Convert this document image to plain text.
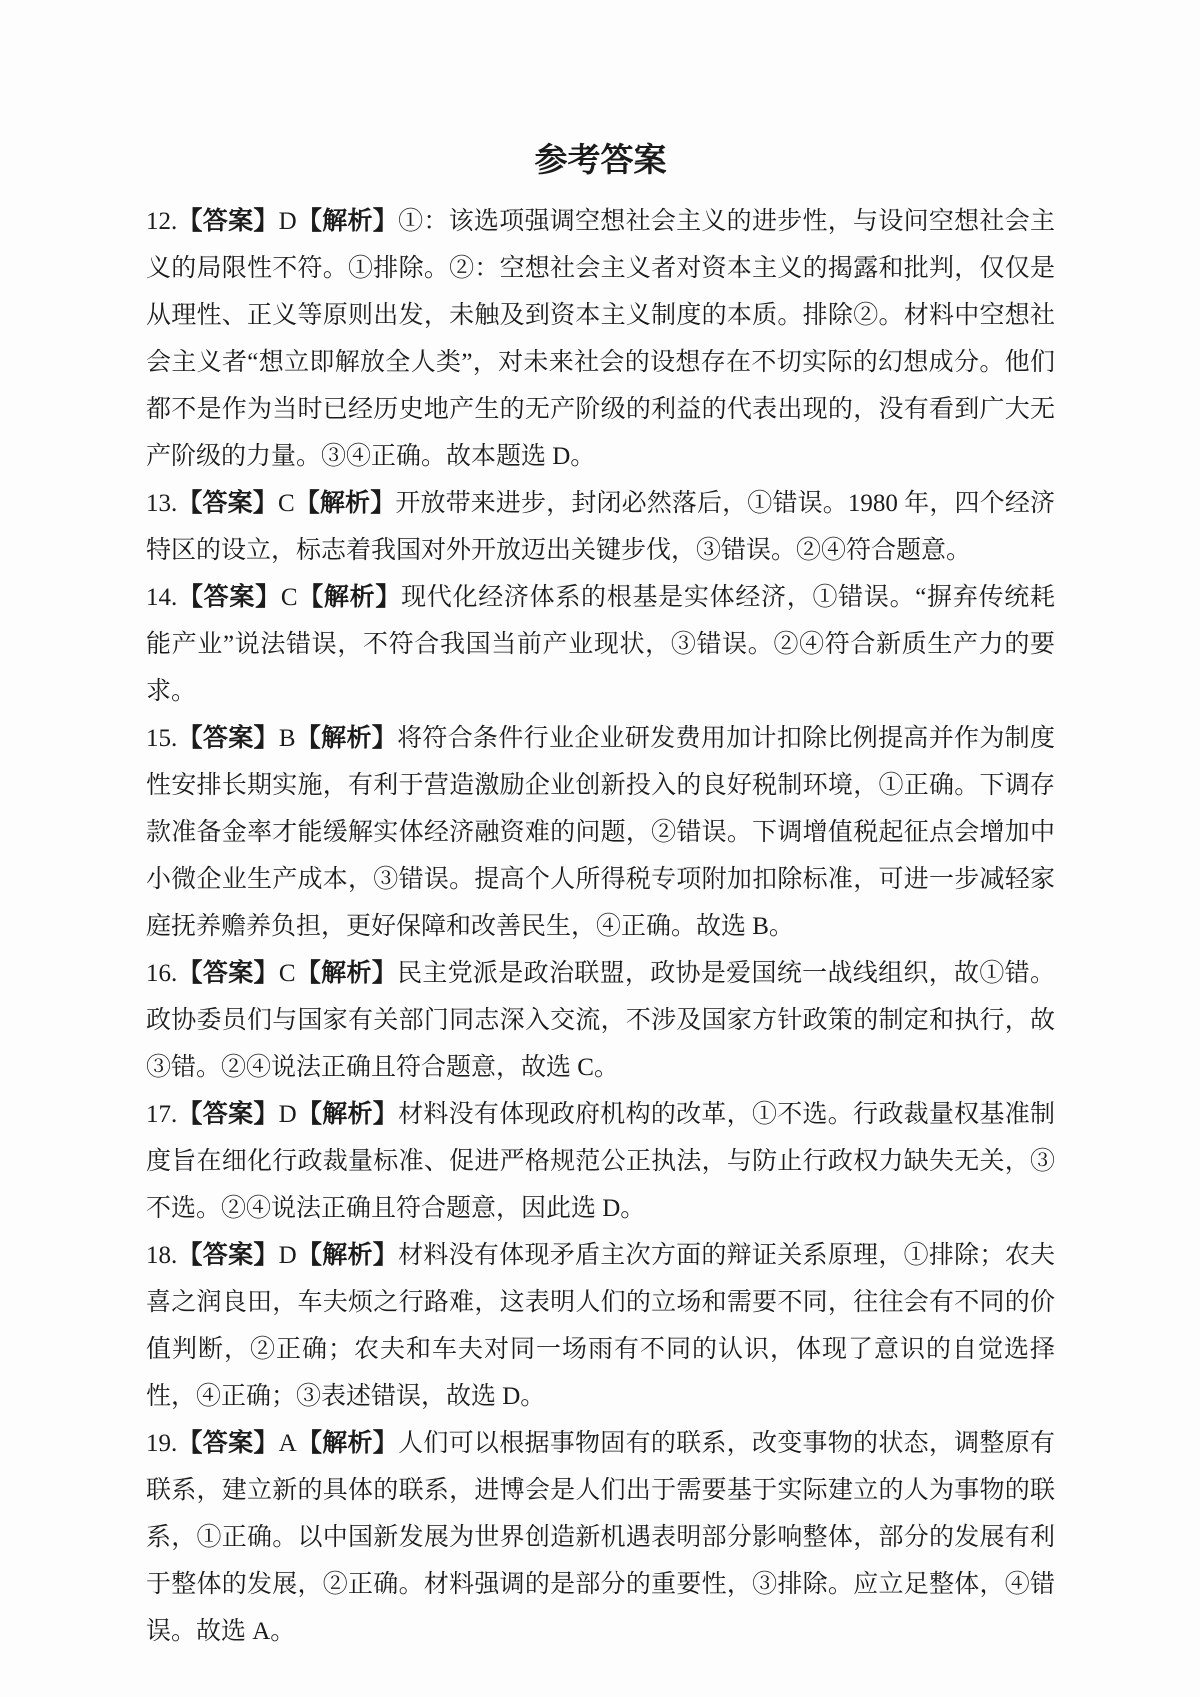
参考答案

12.【答案】D【解析】①：该选项强调空想社会主义的进步性，与设问空想社会主义的局限性不符。①排除。②：空想社会主义者对资本主义的揭露和批判，仅仅是从理性、正义等原则出发，未触及到资本主义制度的本质。排除②。材料中空想社会主义者“想立即解放全人类”，对未来社会的设想存在不切实际的幻想成分。他们都不是作为当时已经历史地产生的无产阶级的利益的代表出现的，没有看到广大无产阶级的力量。③④正确。故本题选 D。

13.【答案】C【解析】开放带来进步，封闭必然落后，①错误。1980 年，四个经济特区的设立，标志着我国对外开放迈出关键步伐，③错误。②④符合题意。

14.【答案】C【解析】现代化经济体系的根基是实体经济，①错误。“摒弃传统耗能产业”说法错误，不符合我国当前产业现状，③错误。②④符合新质生产力的要求。

15.【答案】B【解析】将符合条件行业企业研发费用加计扣除比例提高并作为制度性安排长期实施，有利于营造激励企业创新投入的良好税制环境，①正确。下调存款准备金率才能缓解实体经济融资难的问题，②错误。下调增值税起征点会增加中小微企业生产成本，③错误。提高个人所得税专项附加扣除标准，可进一步减轻家庭抚养赡养负担，更好保障和改善民生，④正确。故选 B。

16.【答案】C【解析】民主党派是政治联盟，政协是爱国统一战线组织，故①错。政协委员们与国家有关部门同志深入交流，不涉及国家方针政策的制定和执行，故③错。②④说法正确且符合题意，故选 C。

17.【答案】D【解析】材料没有体现政府机构的改革，①不选。行政裁量权基准制度旨在细化行政裁量标准、促进严格规范公正执法，与防止行政权力缺失无关，③不选。②④说法正确且符合题意，因此选 D。

18.【答案】D【解析】材料没有体现矛盾主次方面的辩证关系原理，①排除；农夫喜之润良田，车夫烦之行路难，这表明人们的立场和需要不同，往往会有不同的价值判断，②正确；农夫和车夫对同一场雨有不同的认识，体现了意识的自觉选择性，④正确；③表述错误，故选 D。

19.【答案】A【解析】人们可以根据事物固有的联系，改变事物的状态，调整原有联系，建立新的具体的联系，进博会是人们出于需要基于实际建立的人为事物的联系，①正确。以中国新发展为世界创造新机遇表明部分影响整体，部分的发展有利于整体的发展，②正确。材料强调的是部分的重要性，③排除。应立足整体，④错误。故选 A。
